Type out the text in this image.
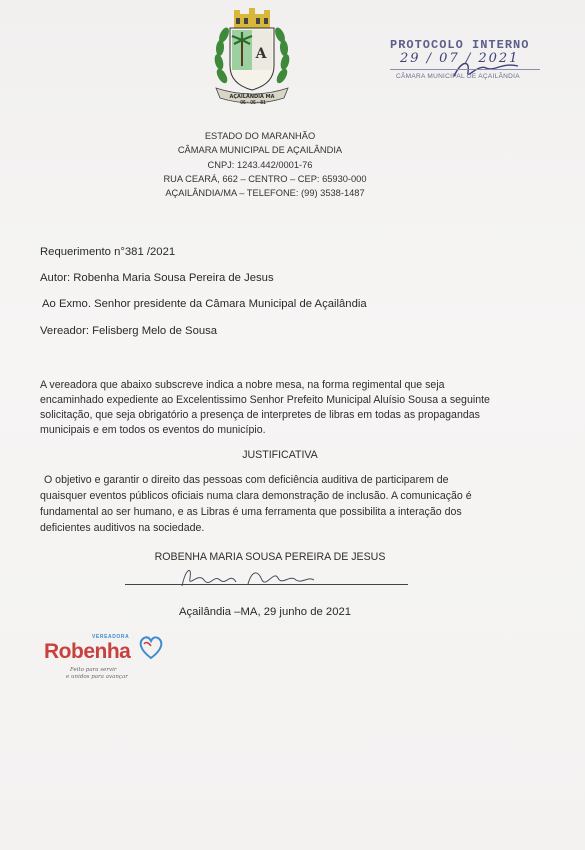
A
AÇAILÂNDIA MA
06 · 06 · 81
PROTOCOLO INTERNO
29 / 07 / 2021
CÂMARA MUNICIPAL DE AÇAILÂNDIA
ESTADO DO MARANHÃO
CÂMARA MUNICIPAL DE AÇAILÂNDIA
CNPJ: 1243.442/0001-76
RUA CEARÁ, 662 – CENTRO – CEP: 65930-000
AÇAILÂNDIA/MA – TELEFONE: (99) 3538-1487
Requerimento n°381 /2021
Autor: Robenha Maria Sousa Pereira de Jesus
Ao Exmo. Senhor presidente da Câmara Municipal de Açailândia
Vereador: Felisberg Melo de Sousa
A vereadora que abaixo subscreve indica a nobre mesa, na forma regimental que seja
encaminhado expediente ao Excelentissimo Senhor Prefeito Municipal Aluísio Sousa a seguinte
solicitação, que seja obrigatório a presença de interpretes de libras em todas as propagandas
municipais e em todos os eventos do município.
JUSTIFICATIVA
O objetivo e garantir o direito das pessoas com deficiência auditiva de participarem de
quaisquer eventos públicos oficiais numa clara demonstração de inclusão. A comunicação é
fundamental ao ser humano, e as Libras é uma ferramenta que possibilita a interação dos
deficientes auditivos na sociedade.
ROBENHA MARIA SOUSA PEREIRA DE JESUS
Açailândia –MA, 29 junho de 2021
VEREADORA
Robenha
Feito para servir
e unidos para avançar
